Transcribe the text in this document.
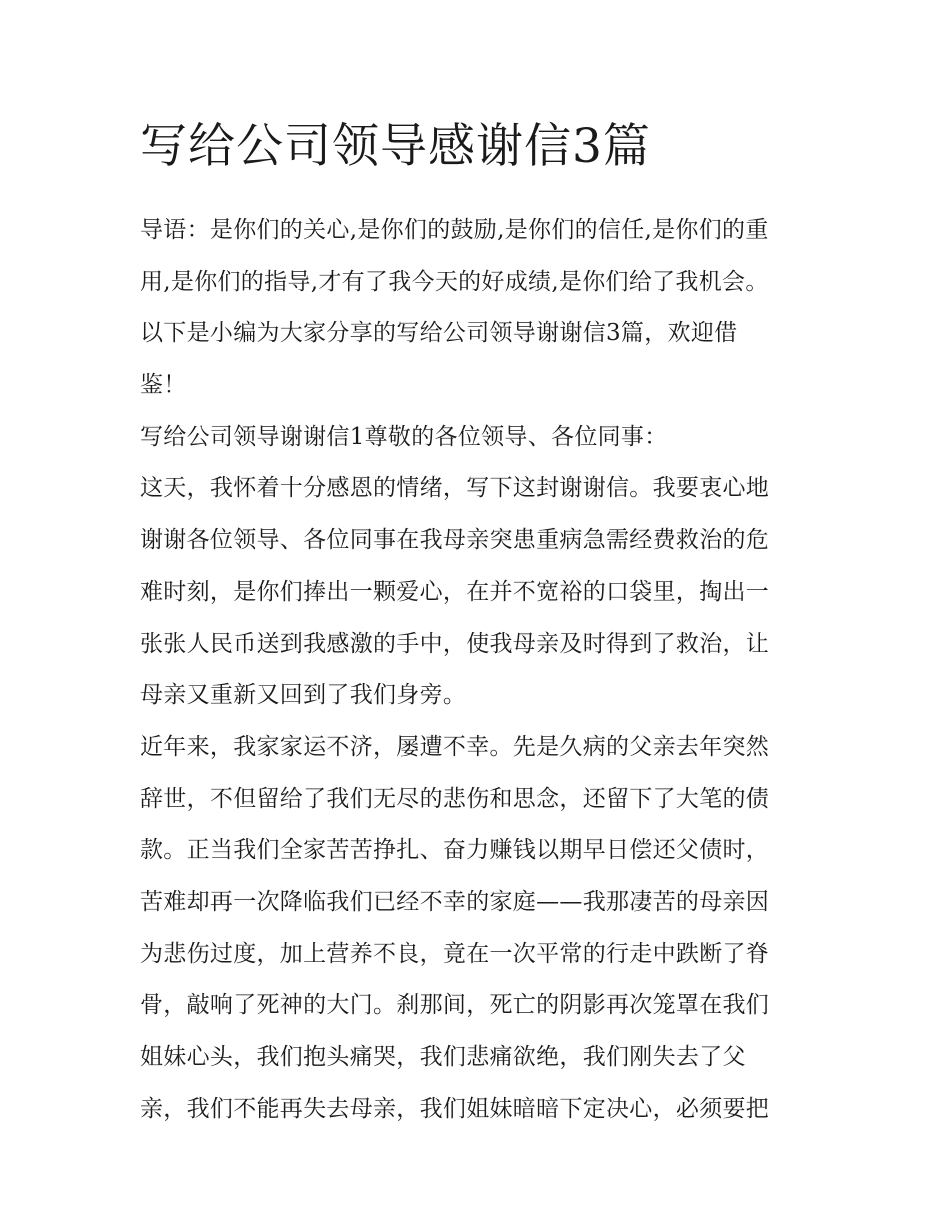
写给公司领导感谢信3篇
导语：是你们的关心,是你们的鼓励,是你们的信任,是你们的重
用,是你们的指导,才有了我今天的好成绩,是你们给了我机会。
以下是小编为大家分享的写给公司领导谢谢信3篇，欢迎借
鉴！
写给公司领导谢谢信1尊敬的各位领导、各位同事：
这天，我怀着十分感恩的情绪，写下这封谢谢信。我要衷心地
谢谢各位领导、各位同事在我母亲突患重病急需经费救治的危
难时刻，是你们捧出一颗爱心，在并不宽裕的口袋里，掏出一
张张人民币送到我感激的手中，使我母亲及时得到了救治，让
母亲又重新又回到了我们身旁。
近年来，我家家运不济，屡遭不幸。先是久病的父亲去年突然
辞世，不但留给了我们无尽的悲伤和思念，还留下了大笔的债
款。正当我们全家苦苦挣扎、奋力赚钱以期早日偿还父债时，
苦难却再一次降临我们已经不幸的家庭——我那凄苦的母亲因
为悲伤过度，加上营养不良，竟在一次平常的行走中跌断了脊
骨，敲响了死神的大门。刹那间，死亡的阴影再次笼罩在我们
姐妹心头，我们抱头痛哭，我们悲痛欲绝，我们刚失去了父
亲，我们不能再失去母亲，我们姐妹暗暗下定决心，必须要把
